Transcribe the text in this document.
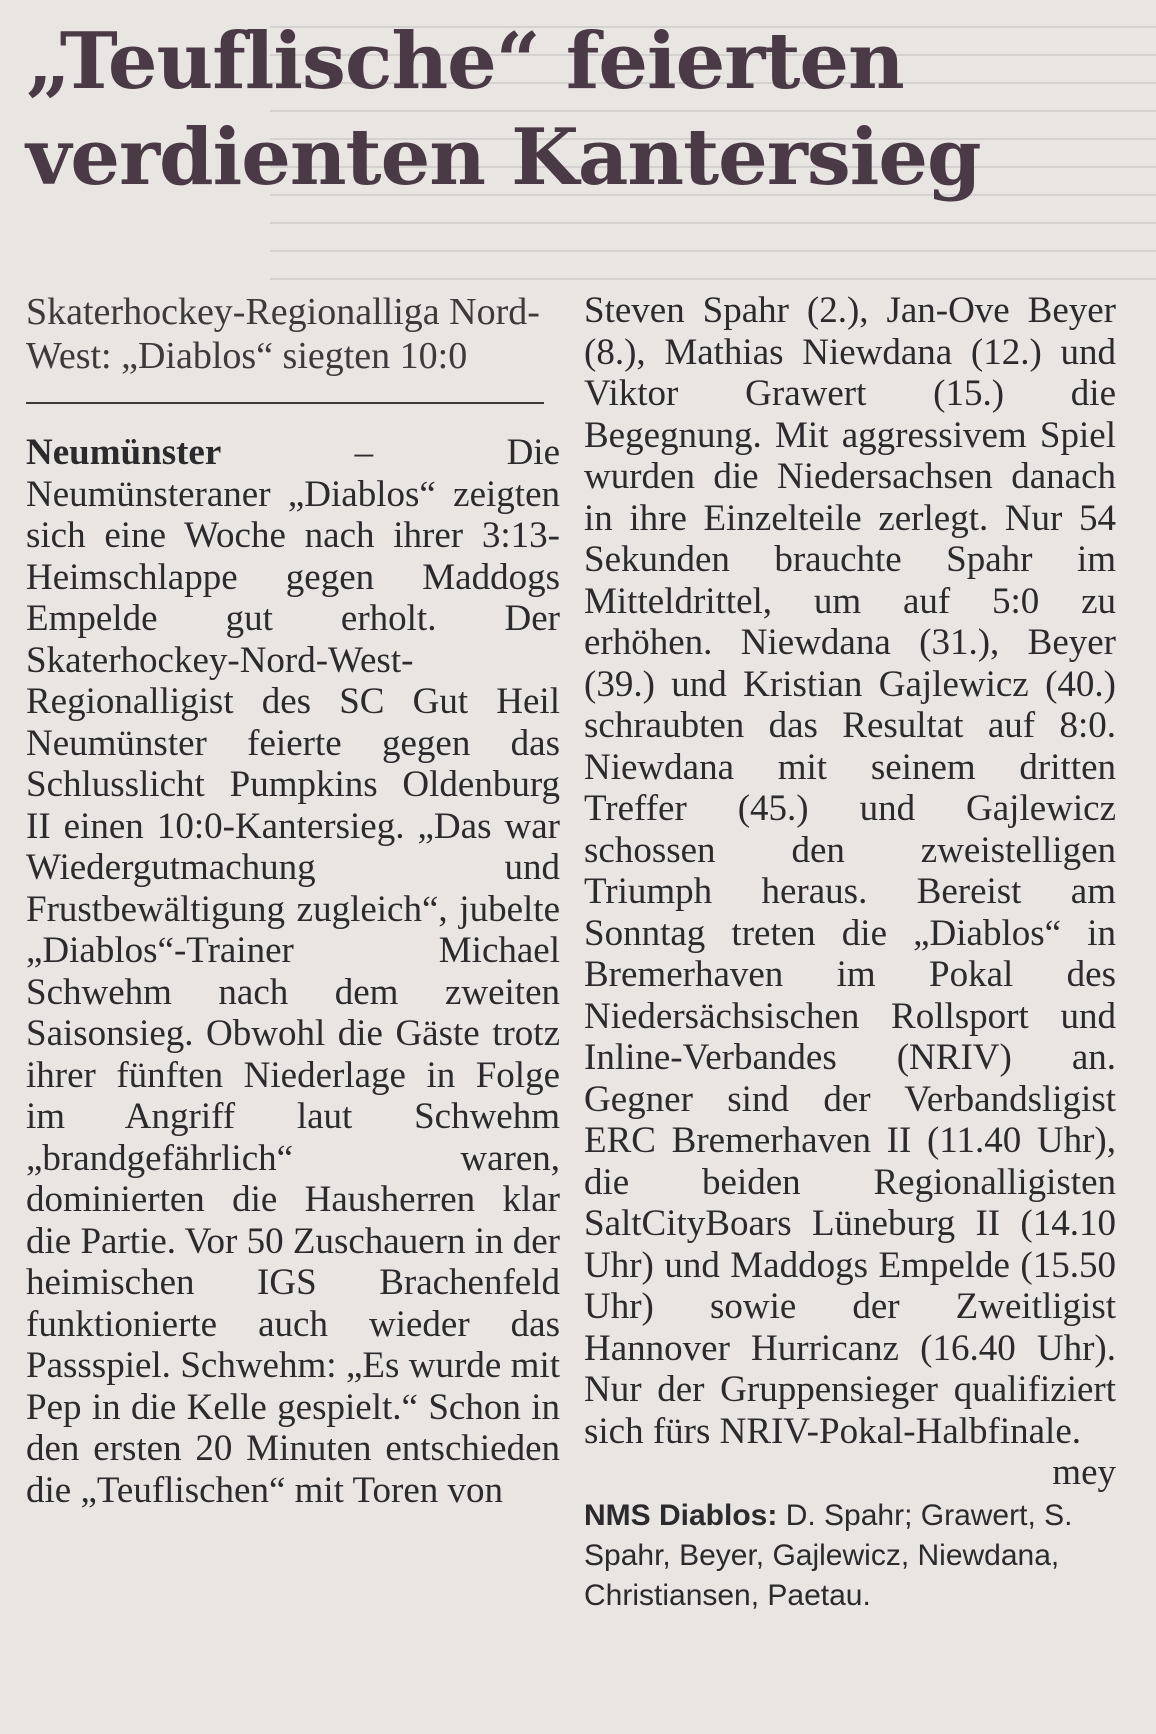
„Teuflische“ feierten
verdienten Kantersieg
Skaterhockey-Regionalliga Nord-West: „Diablos“ siegten 10:0

Neumünster – Die Neumünsteraner „Diablos“ zeigten sich eine Woche nach ihrer 3:13-Heimschlappe gegen Maddogs Empelde gut erholt. Der Skaterhockey-Nord-West-Regionalligist des SC Gut Heil Neumünster feierte gegen das Schlusslicht Pumpkins Oldenburg II einen 10:0-Kantersieg. „Das war Wiedergutmachung und Frustbewältigung zugleich“, jubelte „Diablos“-Trainer Michael Schwehm nach dem zweiten Saisonsieg. Obwohl die Gäste trotz ihrer fünften Niederlage in Folge im Angriff laut Schwehm „brandgefährlich“ waren, dominierten die Hausherren klar die Partie. Vor 50 Zuschauern in der heimischen IGS Brachenfeld funktionierte auch wieder das Passspiel. Schwehm: „Es wurde mit Pep in die Kelle gespielt.“ Schon in den ersten 20 Minuten entschieden die „Teuflischen“ mit Toren von

Steven Spahr (2.), Jan-Ove Beyer (8.), Mathias Niewdana (12.) und Viktor Grawert (15.) die Begegnung. Mit aggressivem Spiel wurden die Niedersachsen danach in ihre Einzelteile zerlegt. Nur 54 Sekunden brauchte Spahr im Mitteldrittel, um auf 5:0 zu erhöhen. Niewdana (31.), Beyer (39.) und Kristian Gajlewicz (40.) schraubten das Resultat auf 8:0. Niewdana mit seinem dritten Treffer (45.) und Gajlewicz schossen den zweistelligen Triumph heraus. Bereist am Sonntag treten die „Diablos“ in Bremerhaven im Pokal des Niedersächsischen Rollsport und Inline-Verbandes (NRIV) an. Gegner sind der Verbandsligist ERC Bremerhaven II (11.40 Uhr), die beiden Regionalligisten SaltCityBoars Lüneburg II (14.10 Uhr) und Maddogs Empelde (15.50 Uhr) sowie der Zweitligist Hannover Hurricanz (16.40 Uhr). Nur der Gruppensieger qualifiziert sich fürs NRIV-Pokal-Halbfinale.
mey

NMS Diablos: D. Spahr; Grawert, S. Spahr, Beyer, Gajlewicz, Niewdana, Christiansen, Paetau.
